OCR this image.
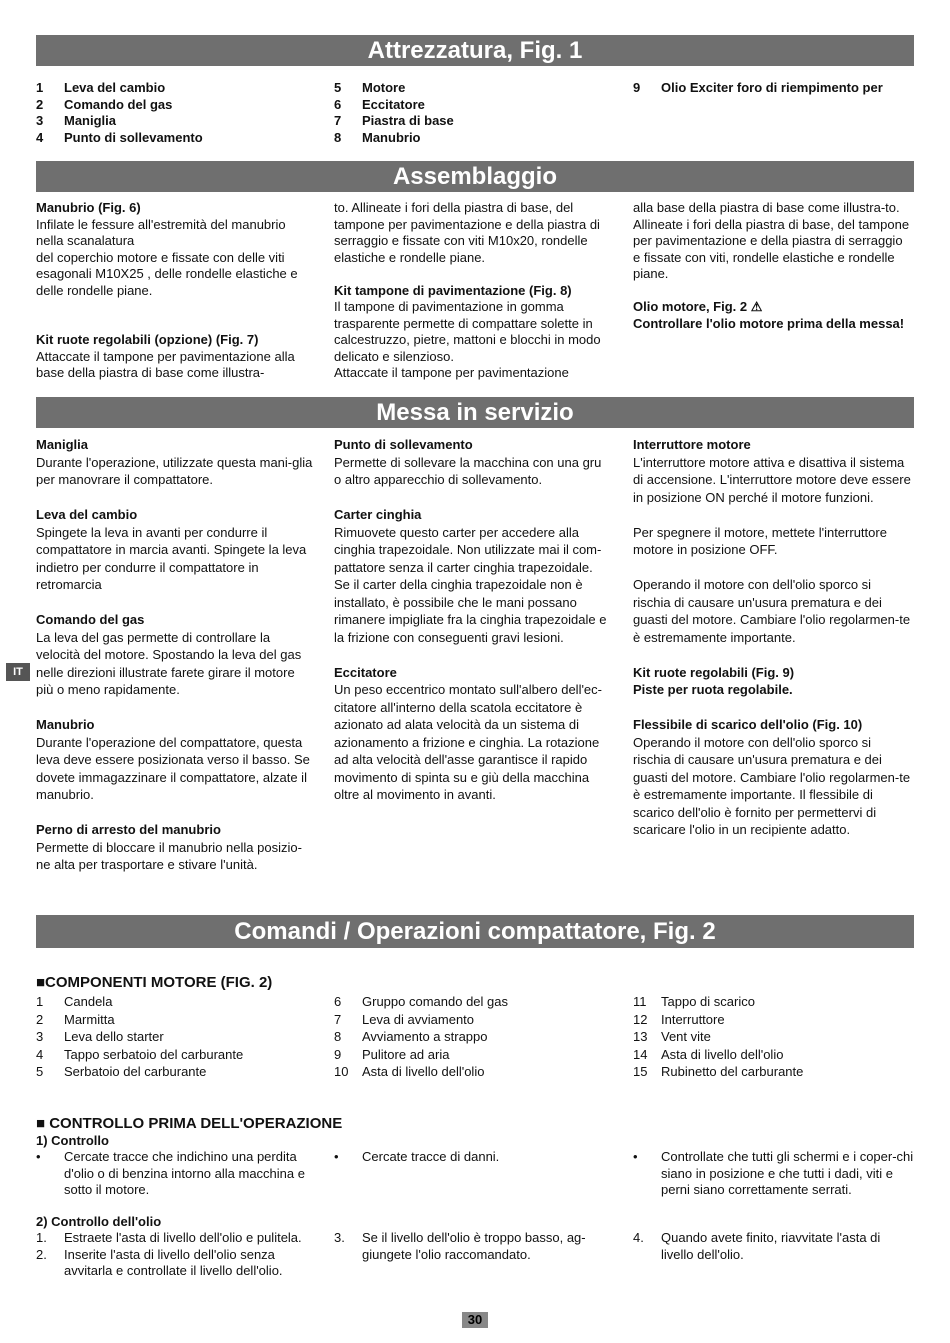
Attrezzatura, Fig. 1
1	Leva del cambio
2	Comando del gas
3	Maniglia
4	Punto di sollevamento
5	Motore
6	Eccitatore
7	Piastra di base
8	Manubrio
9	Olio Exciter foro di riempimento per
Assemblaggio

Manubrio (Fig. 6)

Infilate le fessure all'estremità del manubrio nella scanalatura

del coperchio motore e fissate con delle viti esagonali M10X25 , delle rondelle elastiche e delle rondelle piane.

Kit ruote regolabili (opzione) (Fig. 7)

Attaccate il tampone per pavimentazione alla base della piastra di base come illustra-

to. Allineate i fori della piastra di base, del tampone per pavimentazione e della piastra di serraggio e fissate con viti M10x20, rondelle elastiche e rondelle piane.

Kit tampone di pavimentazione (Fig. 8)

Il tampone di pavimentazione in gomma trasparente permette di compattare solette in calcestruzzo, pietre, mattoni e blocchi in modo delicato e silenzioso.

Attaccate il tampone per pavimentazione

alla base della piastra di base come illustra-to. Allineate i fori della piastra di base, del tampone per pavimentazione e della piastra di serraggio e fissate con viti, rondelle elastiche e rondelle piane.

Olio motore, Fig. 2 ⚠

Controllare l'olio motore prima della messa!

Messa in servizio

Maniglia

Durante l'operazione, utilizzate questa mani-glia per manovrare il compattatore.

Leva del cambio

Spingete la leva in avanti per condurre il compattatore in marcia avanti. Spingete la leva indietro per condurre il compattatore in retromarcia

Comando del gas

La leva del gas permette di controllare la velocità del motore. Spostando la leva del gas nelle direzioni illustrate farete girare il motore più o meno rapidamente.

Manubrio

Durante l'operazione del compattatore, questa leva deve essere posizionata verso il basso. Se dovete immagazzinare il compattatore, alzate il manubrio.

Perno di arresto del manubrio

Permette di bloccare il manubrio nella posizio-ne alta per trasportare e stivare l'unità.

Punto di sollevamento

Permette di sollevare la macchina con una gru o altro apparecchio di sollevamento.

Carter cinghia

Rimuovete questo carter per accedere alla cinghia trapezoidale. Non utilizzate mai il com-pattatore senza il carter cinghia trapezoidale. Se il carter della cinghia trapezoidale non è installato, è possibile che le mani possano rimanere impigliate fra la cinghia trapezoidale e la frizione con conseguenti gravi lesioni.

Eccitatore

Un peso eccentrico montato sull'albero dell'ec-citatore all'interno della scatola eccitatore è azionato ad alata velocità da un sistema di azionamento a frizione e cinghia. La rotazione ad alta velocità dell'asse garantisce il rapido movimento di spinta su e giù della macchina oltre al movimento in avanti.

Interruttore motore

L'interruttore motore attiva e disattiva il sistema di accensione. L'interruttore motore deve essere in posizione ON perché il motore funzioni.

Per spegnere il motore, mettete l'interruttore motore in posizione OFF.

Operando il motore con dell'olio sporco si rischia di causare un'usura prematura e dei guasti del motore. Cambiare l'olio regolarmen-te è estremamente importante.

Kit ruote regolabili (Fig. 9)

Piste per ruota regolabile.

Flessibile di scarico dell'olio (Fig. 10)

Operando il motore con dell'olio sporco si rischia di causare un'usura prematura e dei guasti del motore. Cambiare l'olio regolarmen-te è estremamente importante. Il flessibile di scarico dell'olio è fornito per permettervi di scaricare l'olio in un recipiente adatto.

IT
Comandi / Operazioni compattatore, Fig. 2
■COMPONENTI MOTORE (FIG. 2)
1	Candela
2	Marmitta
3	Leva dello starter
4	Tappo serbatoio del carburante
5	Serbatoio del carburante
6	Gruppo comando del gas
7	Leva di avviamento
8	Avviamento a strappo
9	Pulitore ad aria
10	Asta di livello dell'olio
11	Tappo di scarico
12	Interruttore
13	Vent vite
14	Asta di livello dell'olio
15	Rubinetto del carburante
■ CONTROLLO PRIMA DELL'OPERAZIONE
1) Controllo
•	Cercate tracce che indichino una perdita d'olio o di benzina intorno alla macchina e sotto il motore.
•	Cercate tracce di danni.	•	Controllate che tutti gli schermi e i coper-chi siano in posizione e che tutti i dadi, viti e perni siano correttamente serrati.
2) Controllo dell'olio
1.	Estraete l'asta di livello dell'olio e pulitela.
2.	Inserite l'asta di livello dell'olio senza avvitarla e controllate il livello dell'olio.
3.	Se il livello dell'olio è troppo basso, ag-giungete l'olio raccomandato.
4.	Quando avete finito, riavvitate l'asta di livello dell'olio.
30
